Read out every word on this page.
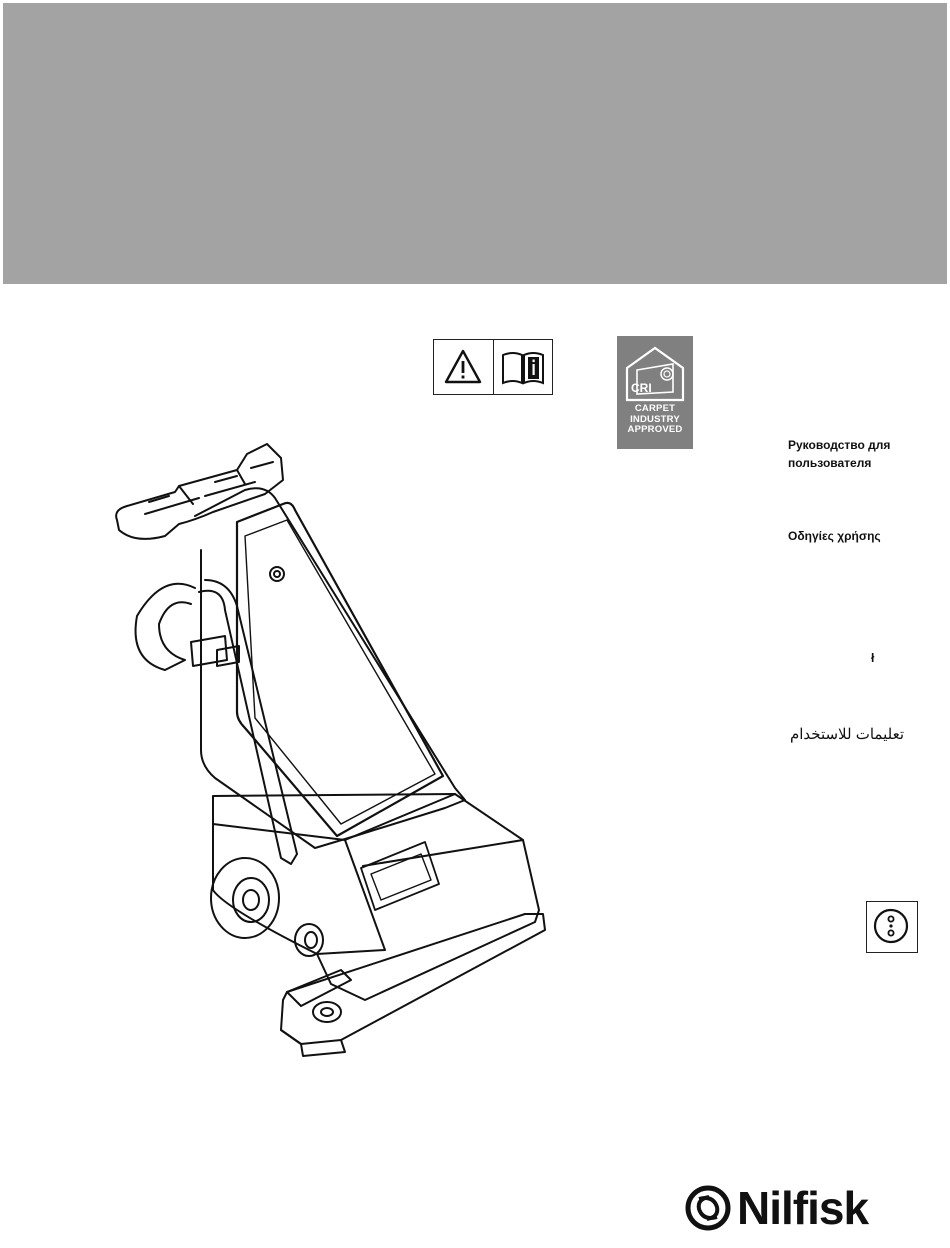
CRI
CARPET
INDUSTRY
APPROVED
Руководство для
пользователя
Οδηγίες χρήσης
ł
تعليمات للاستخدام
Nilfisk
